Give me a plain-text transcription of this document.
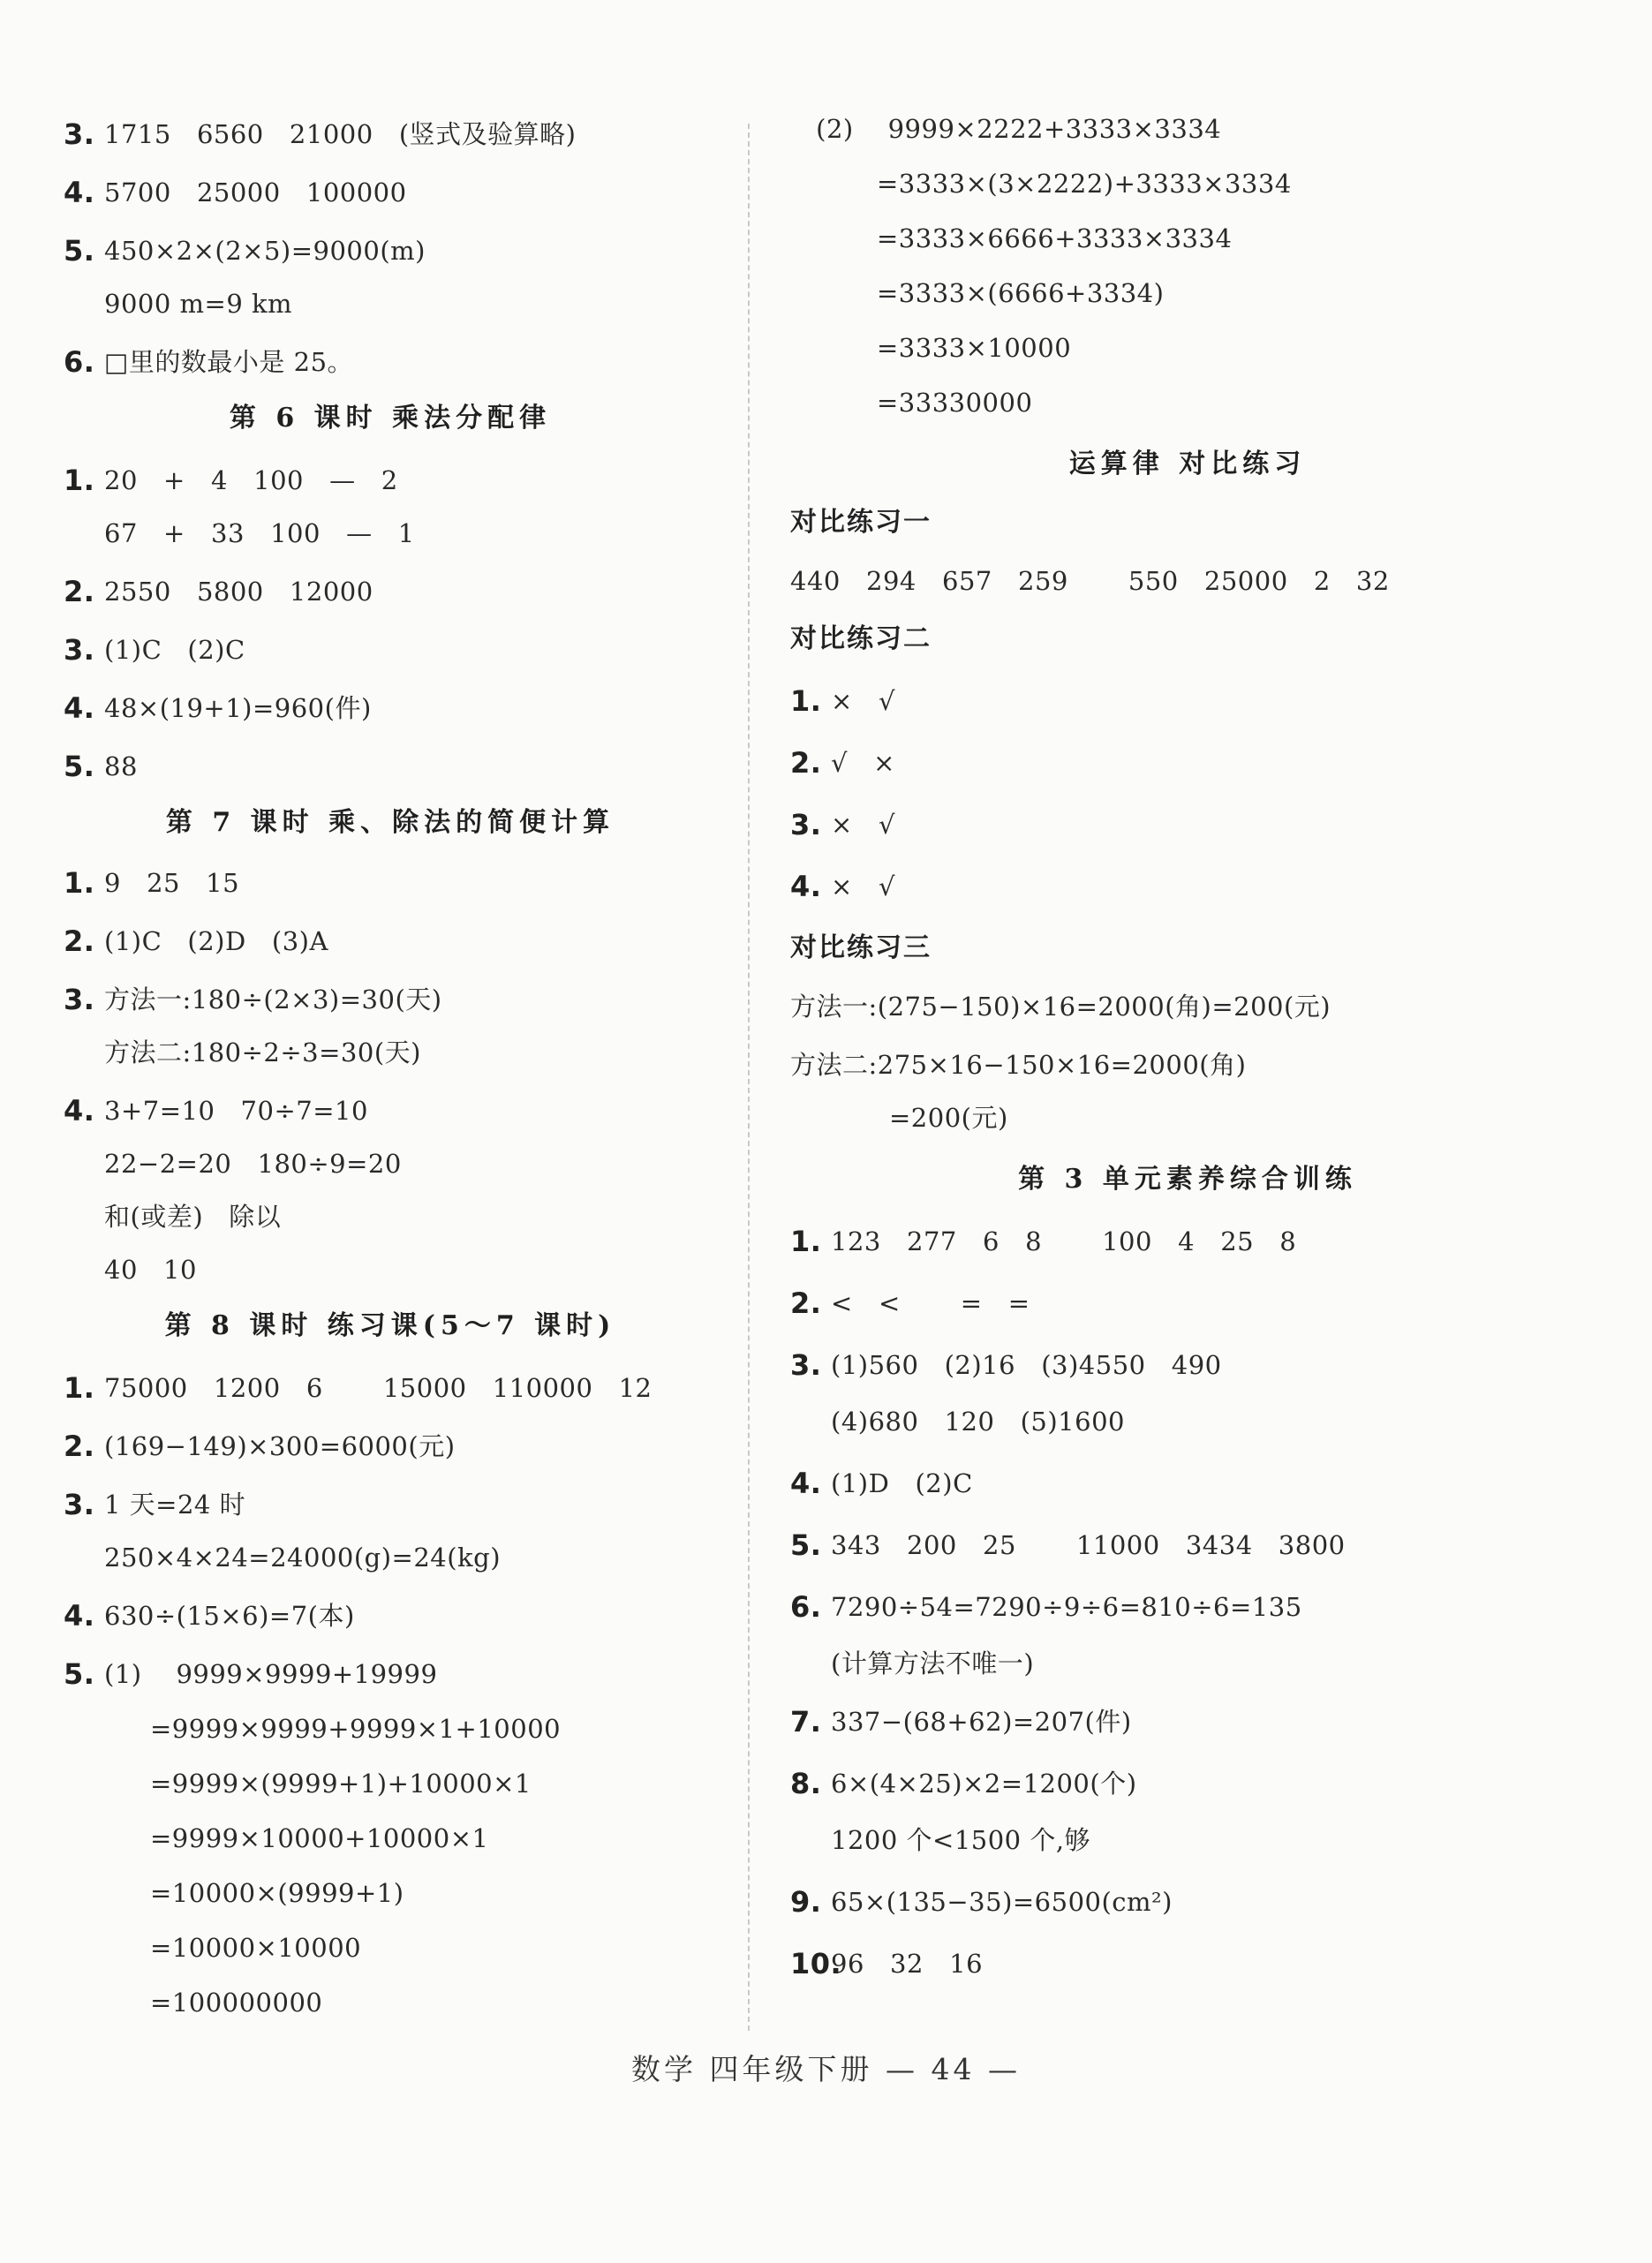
3. 1715   6560   21000   (竖式及验算略)
4. 5700   25000   100000
5. 450×2×(2×5)=9000(m)
9000 m=9 km
6. □里的数最小是 25。
第 6 课时 乘法分配律
1. 20   +   4   100   —   2
67   +   33   100   —   1
2. 2550   5800   12000
3. (1)C   (2)C
4. 48×(19+1)=960(件)
5. 88
第 7 课时 乘、除法的简便计算
1. 9   25   15
2. (1)C   (2)D   (3)A
3. 方法一:180÷(2×3)=30(天)
方法二:180÷2÷3=30(天)
4. 3+7=10   70÷7=10
22−2=20   180÷9=20
和(或差)   除以
40   10
第 8 课时 练习课(5～7 课时)
1. 75000   1200   6       15000   110000   12
2. (169−149)×300=6000(元)
3. 1 天=24 时
250×4×24=24000(g)=24(kg)
4. 630÷(15×6)=7(本)
5. (1)    9999×9999+19999
=9999×9999+9999×1+10000
=9999×(9999+1)+10000×1
=9999×10000+10000×1
=10000×(9999+1)
=10000×10000
=100000000
(2)    9999×2222+3333×3334
=3333×(3×2222)+3333×3334
=3333×6666+3333×3334
=3333×(6666+3334)
=3333×10000
=33330000
运算律 对比练习
对比练习一
440   294   657   259       550   25000   2   32
对比练习二
1. ×   √
2. √   ×
3. ×   √
4. ×   √
对比练习三
方法一:(275−150)×16=2000(角)=200(元)
方法二:275×16−150×16=2000(角)
=200(元)
第 3 单元素养综合训练
1. 123   277   6   8       100   4   25   8
2. <   <       =   =
3. (1)560   (2)16   (3)4550   490
(4)680   120   (5)1600
4. (1)D   (2)C
5. 343   200   25       11000   3434   3800
6. 7290÷54=7290÷9÷6=810÷6=135
(计算方法不唯一)
7. 337−(68+62)=207(件)
8. 6×(4×25)×2=1200(个)
1200 个<1500 个,够
9. 65×(135−35)=6500(cm²)
10.
96   32   16
数学 四年级下册 — 44 —
